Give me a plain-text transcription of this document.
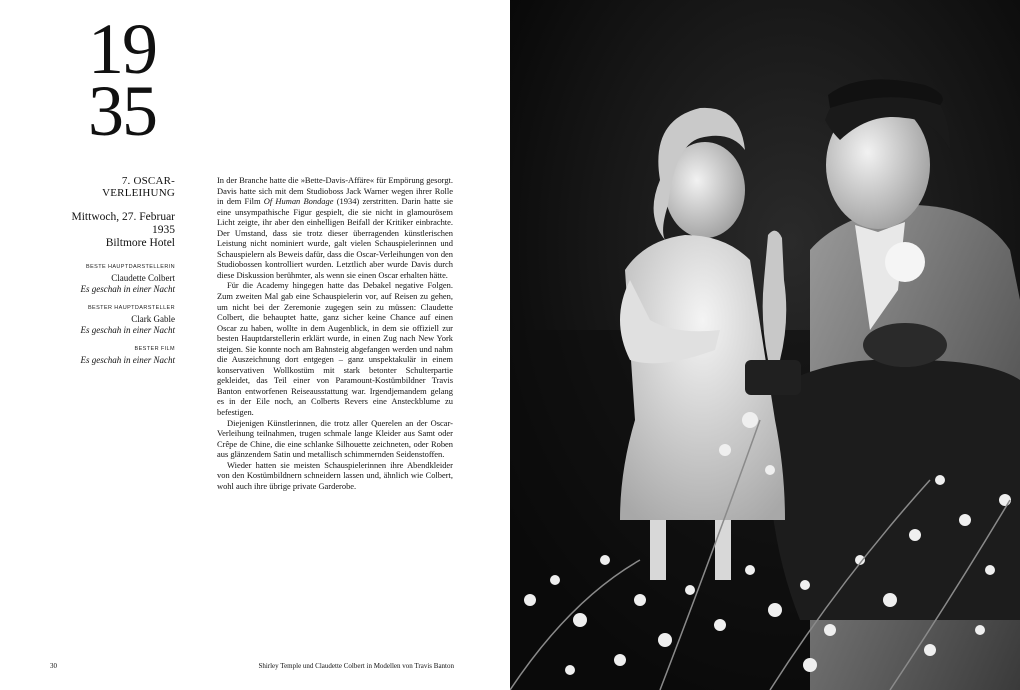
19
35
7. OSCAR-VERLEIHUNG
Mittwoch, 27. Februar 1935
Biltmore Hotel
BESTE HAUPTDARSTELLERIN
Claudette Colbert
Es geschah in einer Nacht
BESTER HAUPTDARSTELLER
Clark Gable
Es geschah in einer Nacht
BESTER FILM
Es geschah in einer Nacht

In der Branche hatte die »Bette-Davis-Affäre« für Empörung gesorgt. Davis hatte sich mit dem Studioboss Jack Warner wegen ihrer Rolle in dem Film Of Human Bondage (1934) zerstritten. Darin hatte sie eine unsympathische Figur gespielt, die sie nicht in glamourösem Licht zeigte, ihr aber den einhelligen Beifall der Kritiker einbrachte. Der Umstand, dass sie trotz dieser überragenden künstlerischen Leistung nicht nominiert wurde, galt vielen Schauspielerinnen und Schauspielern als Beweis dafür, dass die Oscar-Verleihungen von den Studiobossen kontrolliert wurden. Letztlich aber wurde Davis durch diese Diskussion berühmter, als wenn sie einen Oscar erhalten hätte.

Für die Academy hingegen hatte das Debakel negative Folgen. Zum zweiten Mal gab eine Schauspielerin vor, auf Reisen zu gehen, um nicht bei der Zeremonie zugegen sein zu müssen: Claudette Colbert, die behauptet hatte, ganz sicher keine Chance auf einen Oscar zu haben, wollte in dem Augenblick, in dem sie offiziell zur besten Hauptdarstellerin erklärt wurde, in einen Zug nach New York steigen. Sie konnte noch am Bahnsteig abgefangen werden und nahm die Auszeichnung dort entgegen – ganz unspektakulär in einem konservativen Wollkostüm mit stark betonter Schulterpartie gekleidet, das Teil einer von Paramount-Kostümbildner Travis Banton entworfenen Reiseausstattung war. Irgendjemandem gelang es in der Eile noch, an Colberts Revers eine Ansteckblume zu befestigen.

Diejenigen Künstlerinnen, die trotz aller Querelen an der Oscar-Verleihung teilnahmen, trugen schmale lange Kleider aus Samt oder Crêpe de Chine, die eine schlanke Silhouette zeichneten, oder Roben aus glänzendem Satin und metallisch schimmernden Seidenstoffen.

Wieder hatten sie meisten Schauspielerinnen ihre Abendkleider von den Kostümbildnern schneidern lassen und, ähnlich wie Colbert, wohl auch ihre übrige private Garderobe.

30	Shirley Temple und Claudette Colbert in Modellen von Travis Banton
